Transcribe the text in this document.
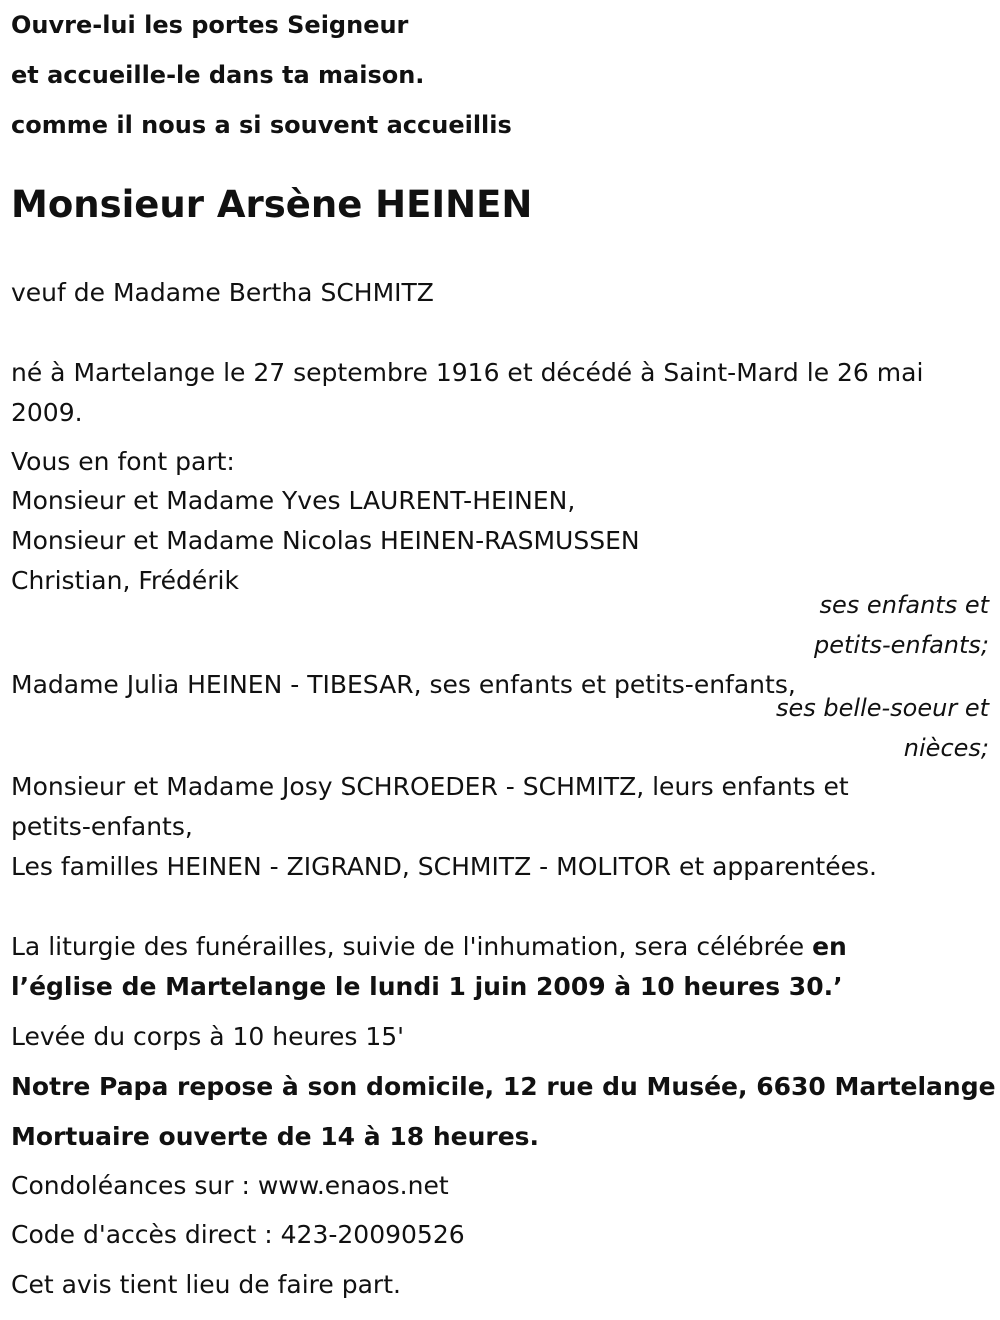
Ouvre-lui les portes Seigneur
et accueille-le dans ta maison.
comme il nous a si souvent accueillis
Monsieur Arsène HEINEN
veuf de Madame Bertha SCHMITZ
né à Martelange le 27 septembre 1916 et décédé à Saint-Mard le 26 mai
2009.
Vous en font part:
Monsieur et Madame Yves LAURENT-HEINEN,
Monsieur et Madame Nicolas HEINEN-RASMUSSEN
Christian, Frédérik
ses enfants et
petits-enfants;
Madame Julia HEINEN - TIBESAR, ses enfants et petits-enfants,
ses belle-soeur et
nièces;
Monsieur et Madame Josy SCHROEDER - SCHMITZ, leurs enfants et
petits-enfants,
Les familles HEINEN - ZIGRAND, SCHMITZ - MOLITOR et apparentées.
La liturgie des funérailles, suivie de l'inhumation, sera célébrée en
l’église de Martelange le lundi 1 juin 2009 à 10 heures 30.’
Levée du corps à 10 heures 15'
Notre Papa repose à son domicile, 12 rue du Musée, 6630 Martelange
Mortuaire ouverte de 14 à 18 heures.
Condoléances sur : www.enaos.net
Code d'accès direct : 423-20090526
Cet avis tient lieu de faire part.
